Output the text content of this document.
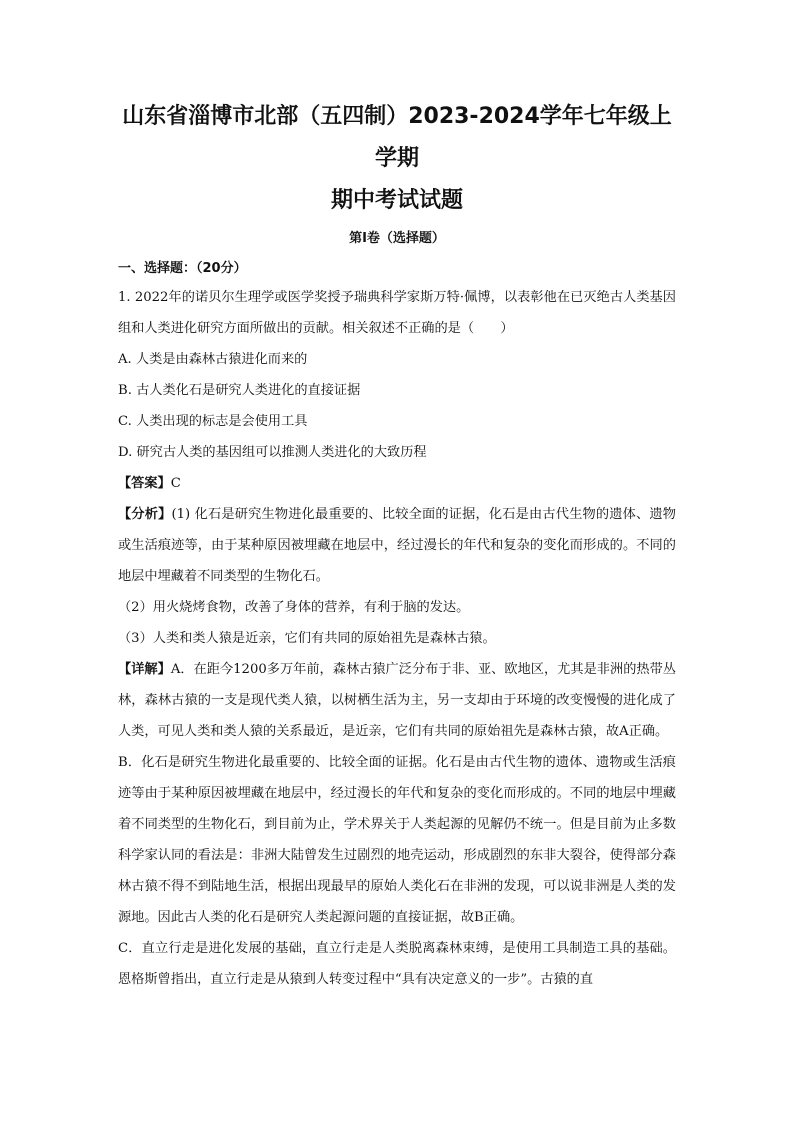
山东省淄博市北部（五四制）2023-2024学年七年级上学期
期中考试试题
第Ⅰ卷（选择题）
一、选择题：（20分）

1. 2022年的诺贝尔生理学或医学奖授予瑞典科学家斯万特·佩博，以表彰他在已灭绝古人类基因组和人类进化研究方面所做出的贡献。相关叙述不正确的是（　　）

A. 人类是由森林古猿进化而来的

B. 古人类化石是研究人类进化的直接证据

C. 人类出现的标志是会使用工具

D. 研究古人类的基因组可以推测人类进化的大致历程

【答案】C

【分析】(1) 化石是研究生物进化最重要的、比较全面的证据，化石是由古代生物的遗体、遗物或生活痕迹等，由于某种原因被埋藏在地层中，经过漫长的年代和复杂的变化而形成的。不同的地层中埋藏着不同类型的生物化石。

（2）用火烧烤食物，改善了身体的营养，有利于脑的发达。

（3）人类和类人猿是近亲，它们有共同的原始祖先是森林古猿。

【详解】A．在距今1200多万年前，森林古猿广泛分布于非、亚、欧地区，尤其是非洲的热带丛林，森林古猿的一支是现代类人猿，以树栖生活为主，另一支却由于环境的改变慢慢的进化成了人类，可见人类和类人猿的关系最近，是近亲，它们有共同的原始祖先是森林古猿，故A正确。

B．化石是研究生物进化最重要的、比较全面的证据。化石是由古代生物的遗体、遗物或生活痕迹等由于某种原因被埋藏在地层中，经过漫长的年代和复杂的变化而形成的。不同的地层中埋藏着不同类型的生物化石，到目前为止，学术界关于人类起源的见解仍不统一。但是目前为止多数科学家认同的看法是：非洲大陆曾发生过剧烈的地壳运动，形成剧烈的东非大裂谷，使得部分森林古猿不得不到陆地生活，根据出现最早的原始人类化石在非洲的发现，可以说非洲是人类的发源地。因此古人类的化石是研究人类起源问题的直接证据，故B正确。

C．直立行走是进化发展的基础，直立行走是人类脱离森林束缚，是使用工具制造工具的基础。恩格斯曾指出，直立行走是从猿到人转变过程中“具有决定意义的一步”。古猿的直
